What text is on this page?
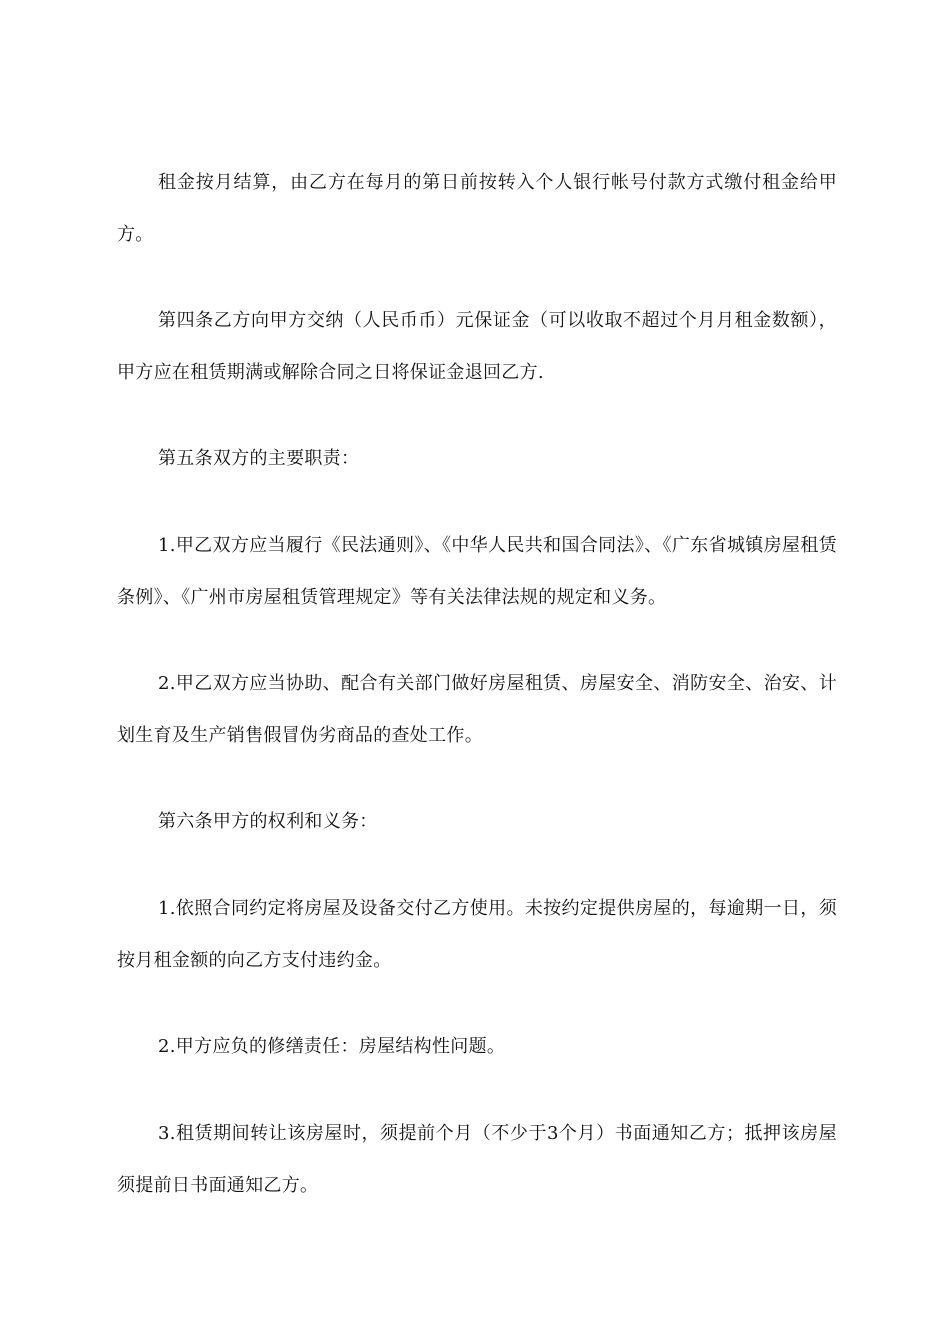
租金按月结算，由乙方在每月的第日前按转入个人银行帐号付款方式缴付租金给甲方。

第四条乙方向甲方交纳（人民币币）元保证金（可以收取不超过个月月租金数额），甲方应在租赁期满或解除合同之日将保证金退回乙方.

第五条双方的主要职责：

1.甲乙双方应当履行《民法通则》、《中华人民共和国合同法》、《广东省城镇房屋租赁条例》、《广州市房屋租赁管理规定》等有关法律法规的规定和义务。

2.甲乙双方应当协助、配合有关部门做好房屋租赁、房屋安全、消防安全、治安、计划生育及生产销售假冒伪劣商品的查处工作。

第六条甲方的权利和义务：

1.依照合同约定将房屋及设备交付乙方使用。未按约定提供房屋的，每逾期一日，须按月租金额的向乙方支付违约金。

2.甲方应负的修缮责任：房屋结构性问题。

3.租赁期间转让该房屋时，须提前个月（不少于3个月）书面通知乙方；抵押该房屋须提前日书面通知乙方。
